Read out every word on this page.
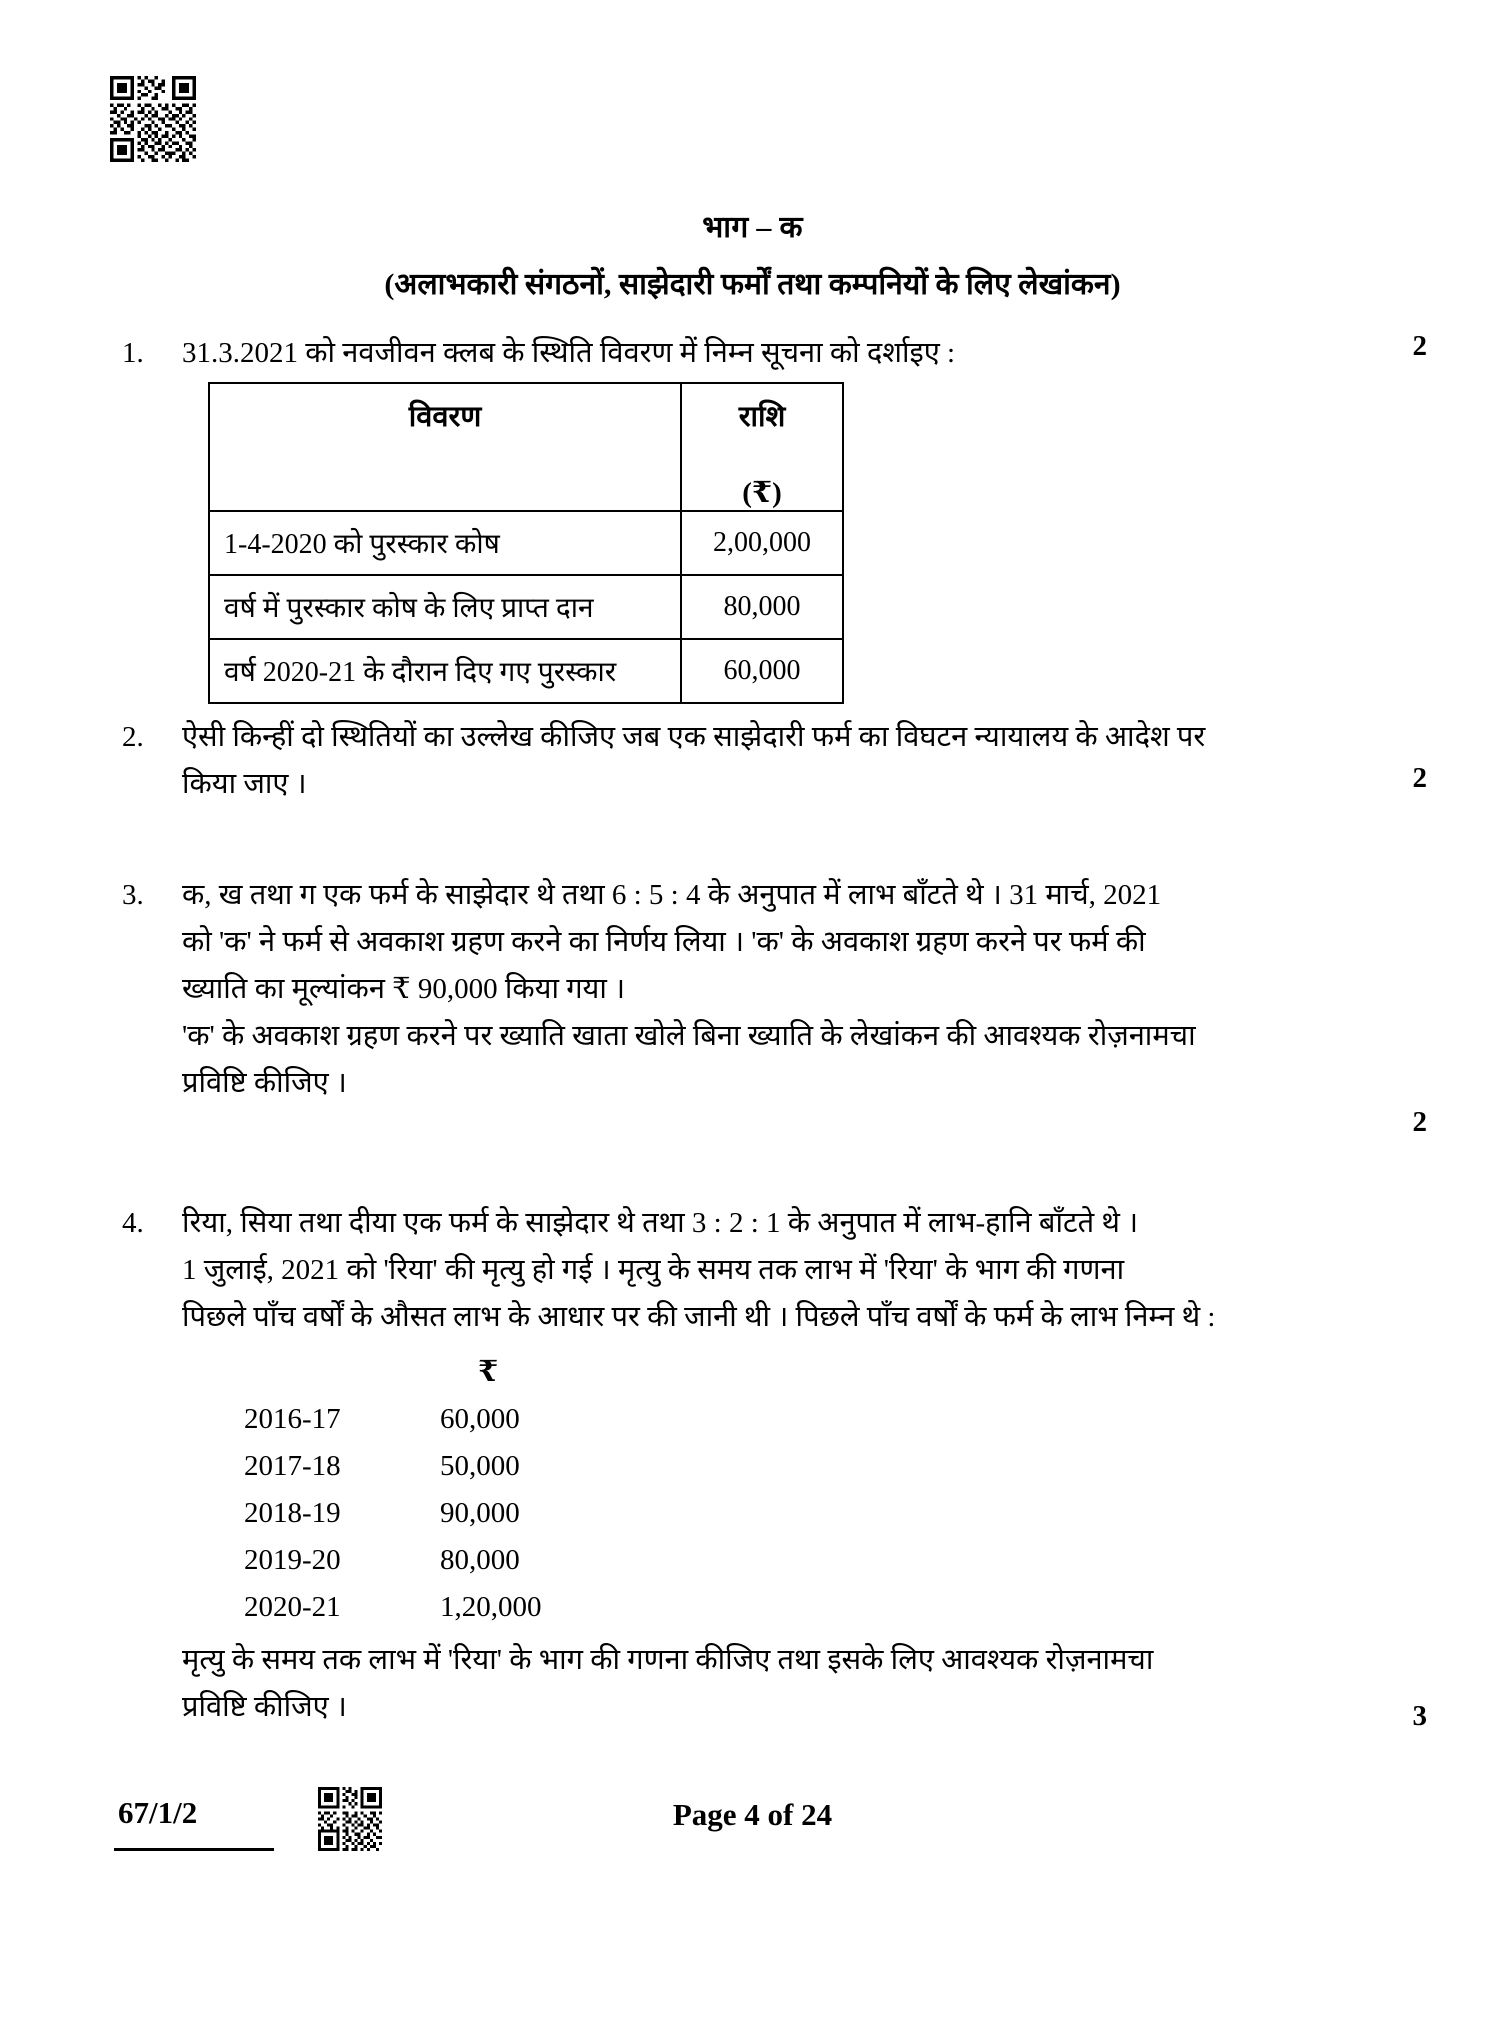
भाग – क
(अलाभकारी संगठनों, साझेदारी फर्मों तथा कम्पनियों के लिए लेखांकन)
1.	31.3.2021 को नवजीवन क्लब के स्थिति विवरण में निम्न सूचना को दर्शाइए :	2
विवरण	राशि
(₹)

1-4-2020 को पुरस्कार कोष	2,00,000
वर्ष में पुरस्कार कोष के लिए प्राप्त दान	80,000
वर्ष 2020-21 के दौरान दिए गए पुरस्कार	60,000
2.	ऐसी किन्हीं दो स्थितियों का उल्लेख कीजिए जब एक साझेदारी फर्म का विघटन न्यायालय के आदेश पर

किया जाए ।	2
3.	क, ख तथा ग एक फर्म के साझेदार थे तथा 6 : 5 : 4 के अनुपात में लाभ बाँटते थे । 31 मार्च, 2021

को 'क' ने फर्म से अवकाश ग्रहण करने का निर्णय लिया । 'क' के अवकाश ग्रहण करने पर फर्म की

ख्याति का मूल्यांकन ₹ 90,000 किया गया ।

'क' के अवकाश ग्रहण करने पर ख्याति खाता खोले बिना ख्याति के लेखांकन की आवश्यक रोज़नामचा

प्रविष्टि कीजिए ।

2
4.	रिया, सिया तथा दीया एक फर्म के साझेदार थे तथा 3 : 2 : 1 के अनुपात में लाभ-हानि बाँटते थे ।

1 जुलाई, 2021 को 'रिया' की मृत्यु हो गई । मृत्यु के समय तक लाभ में 'रिया' के भाग की गणना

पिछले पाँच वर्षों के औसत लाभ के आधार पर की जानी थी । पिछले पाँच वर्षों के फर्म के लाभ निम्न थे :

₹
2016-17	60,000
2017-18	50,000
2018-19	90,000
2019-20	80,000
2020-21	1,20,000

मृत्यु के समय तक लाभ में 'रिया' के भाग की गणना कीजिए तथा इसके लिए आवश्यक रोज़नामचा

प्रविष्टि कीजिए ।	3
67/1/2	Page 4 of 24
